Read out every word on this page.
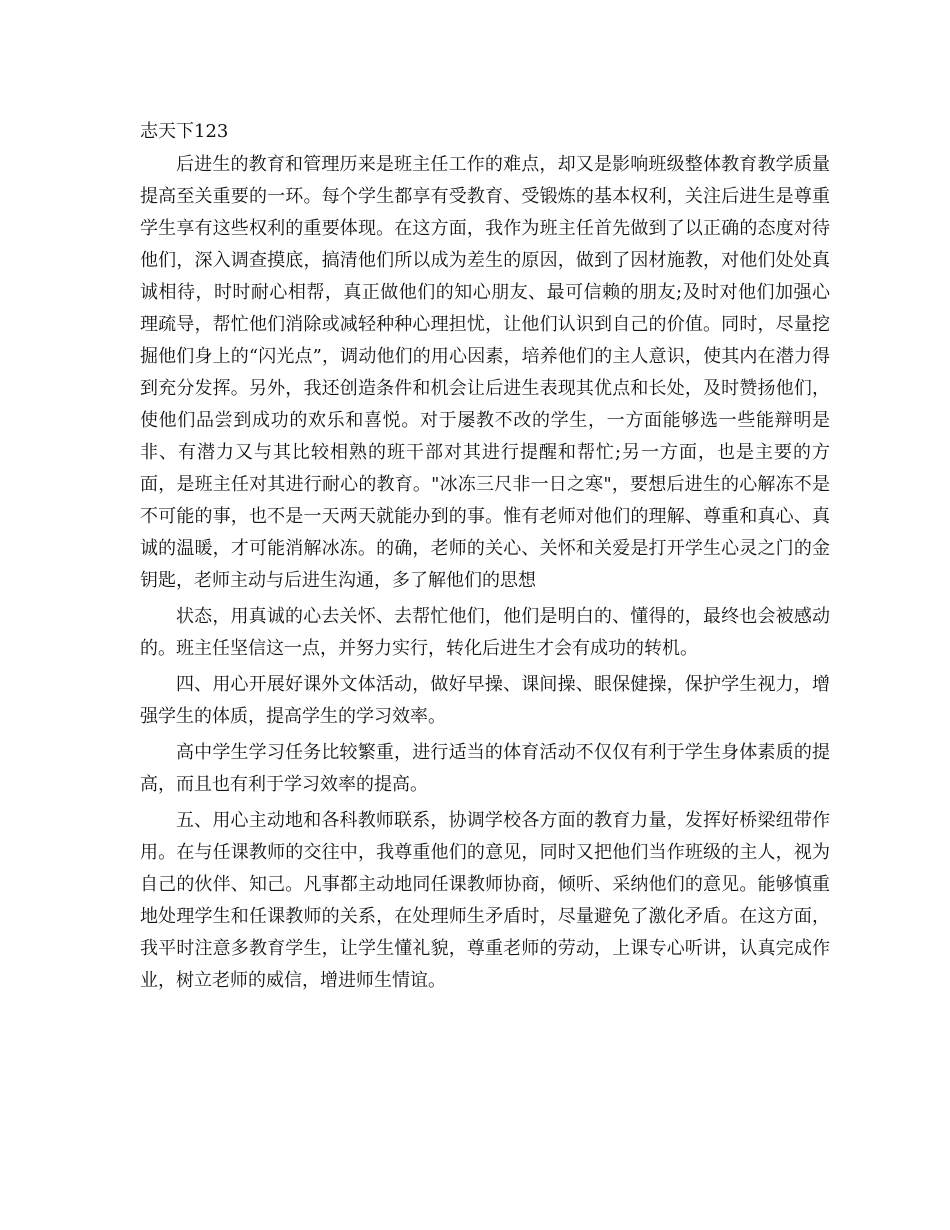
志天下123

后进生的教育和管理历来是班主任工作的难点，却又是影响班级整体教育教学质量提高至关重要的一环。每个学生都享有受教育、受锻炼的基本权利，关注后进生是尊重学生享有这些权利的重要体现。在这方面，我作为班主任首先做到了以正确的态度对待他们，深入调查摸底，搞清他们所以成为差生的原因，做到了因材施教，对他们处处真诚相待，时时耐心相帮，真正做他们的知心朋友、最可信赖的朋友;及时对他们加强心理疏导，帮忙他们消除或减轻种种心理担忧，让他们认识到自己的价值。同时，尽量挖掘他们身上的“闪光点”，调动他们的用心因素，培养他们的主人意识，使其内在潜力得到充分发挥。另外，我还创造条件和机会让后进生表现其优点和长处，及时赞扬他们，使他们品尝到成功的欢乐和喜悦。对于屡教不改的学生，一方面能够选一些能辩明是非、有潜力又与其比较相熟的班干部对其进行提醒和帮忙;另一方面，也是主要的方面，是班主任对其进行耐心的教育。"冰冻三尺非一日之寒"，要想后进生的心解冻不是不可能的事，也不是一天两天就能办到的事。惟有老师对他们的理解、尊重和真心、真诚的温暖，才可能消解冰冻。的确，老师的关心、关怀和关爱是打开学生心灵之门的金钥匙，老师主动与后进生沟通，多了解他们的思想

状态，用真诚的心去关怀、去帮忙他们，他们是明白的、懂得的，最终也会被感动的。班主任坚信这一点，并努力实行，转化后进生才会有成功的转机。

四、用心开展好课外文体活动，做好早操、课间操、眼保健操，保护学生视力，增强学生的体质，提高学生的学习效率。

高中学生学习任务比较繁重，进行适当的体育活动不仅仅有利于学生身体素质的提高，而且也有利于学习效率的提高。

五、用心主动地和各科教师联系，协调学校各方面的教育力量，发挥好桥梁纽带作用。在与任课教师的交往中，我尊重他们的意见，同时又把他们当作班级的主人，视为自己的伙伴、知己。凡事都主动地同任课教师协商，倾听、采纳他们的意见。能够慎重地处理学生和任课教师的关系，在处理师生矛盾时，尽量避免了激化矛盾。在这方面，我平时注意多教育学生，让学生懂礼貌，尊重老师的劳动，上课专心听讲，认真完成作业，树立老师的威信，增进师生情谊。
